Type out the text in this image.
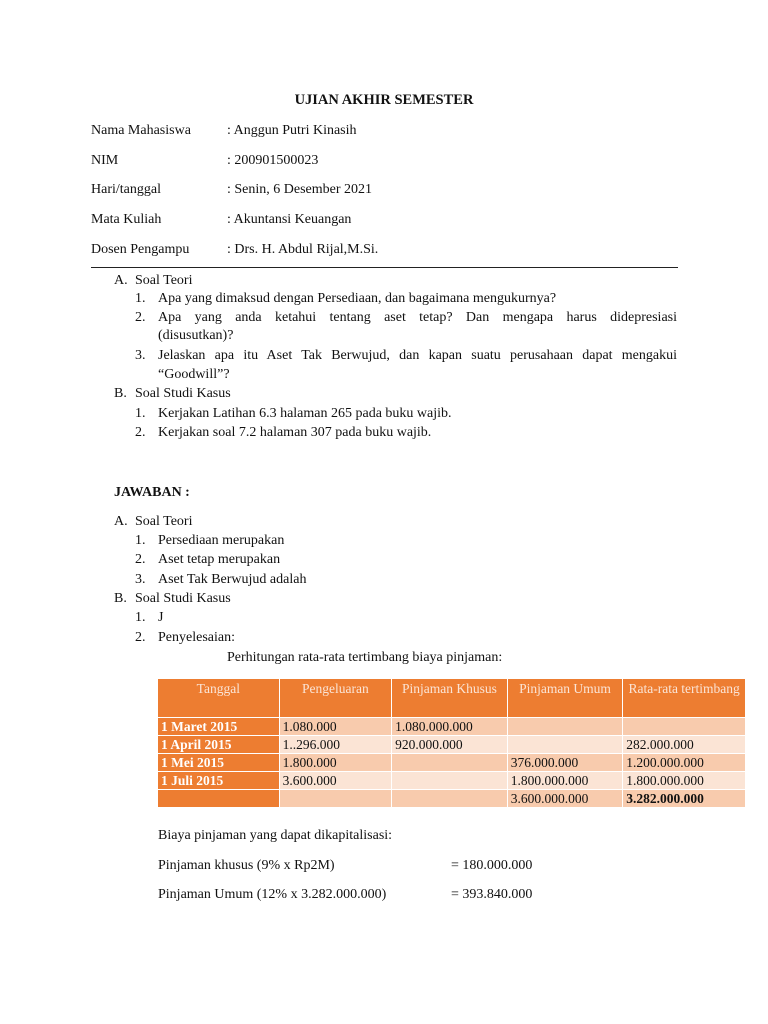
UJIAN AKHIR SEMESTER
Nama Mahasiswa	: Anggun Putri Kinasih
NIM	: 200901500023
Hari/tanggal	: Senin, 6 Desember 2021
Mata Kuliah	: Akuntansi Keuangan
Dosen Pengampu	: Drs. H. Abdul Rijal,M.Si.
A. Soal Teori
1. Apa yang dimaksud dengan Persediaan, dan bagaimana mengukurnya?
2. Apa yang anda ketahui tentang aset tetap? Dan mengapa harus didepresiasi
(disusutkan)?
3. Jelaskan apa itu Aset Tak Berwujud, dan kapan suatu perusahaan dapat mengakui
“Goodwill”?
B. Soal Studi Kasus
1. Kerjakan Latihan 6.3 halaman 265 pada buku wajib.
2. Kerjakan soal 7.2 halaman 307 pada buku wajib.
JAWABAN :
A. Soal Teori
1. Persediaan merupakan
2. Aset tetap merupakan
3. Aset Tak Berwujud adalah
B. Soal Studi Kasus
1. J
2. Penyelesaian:
Perhitungan rata-rata tertimbang biaya pinjaman:
Tanggal	Pengeluaran	Pinjaman Khusus	Pinjaman Umum	Rata-rata tertimbang
1 Maret 2015	1.080.000	1.080.000.000		
1 April 2015	1..296.000	920.000.000		282.000.000
1 Mei 2015	1.800.000		376.000.000	1.200.000.000
1 Juli 2015	3.600.000		1.800.000.000	1.800.000.000
			3.600.000.000	3.282.000.000
Biaya pinjaman yang dapat dikapitalisasi:
Pinjaman khusus (9% x Rp2M)	= 180.000.000
Pinjaman Umum (12% x 3.282.000.000)	= 393.840.000
